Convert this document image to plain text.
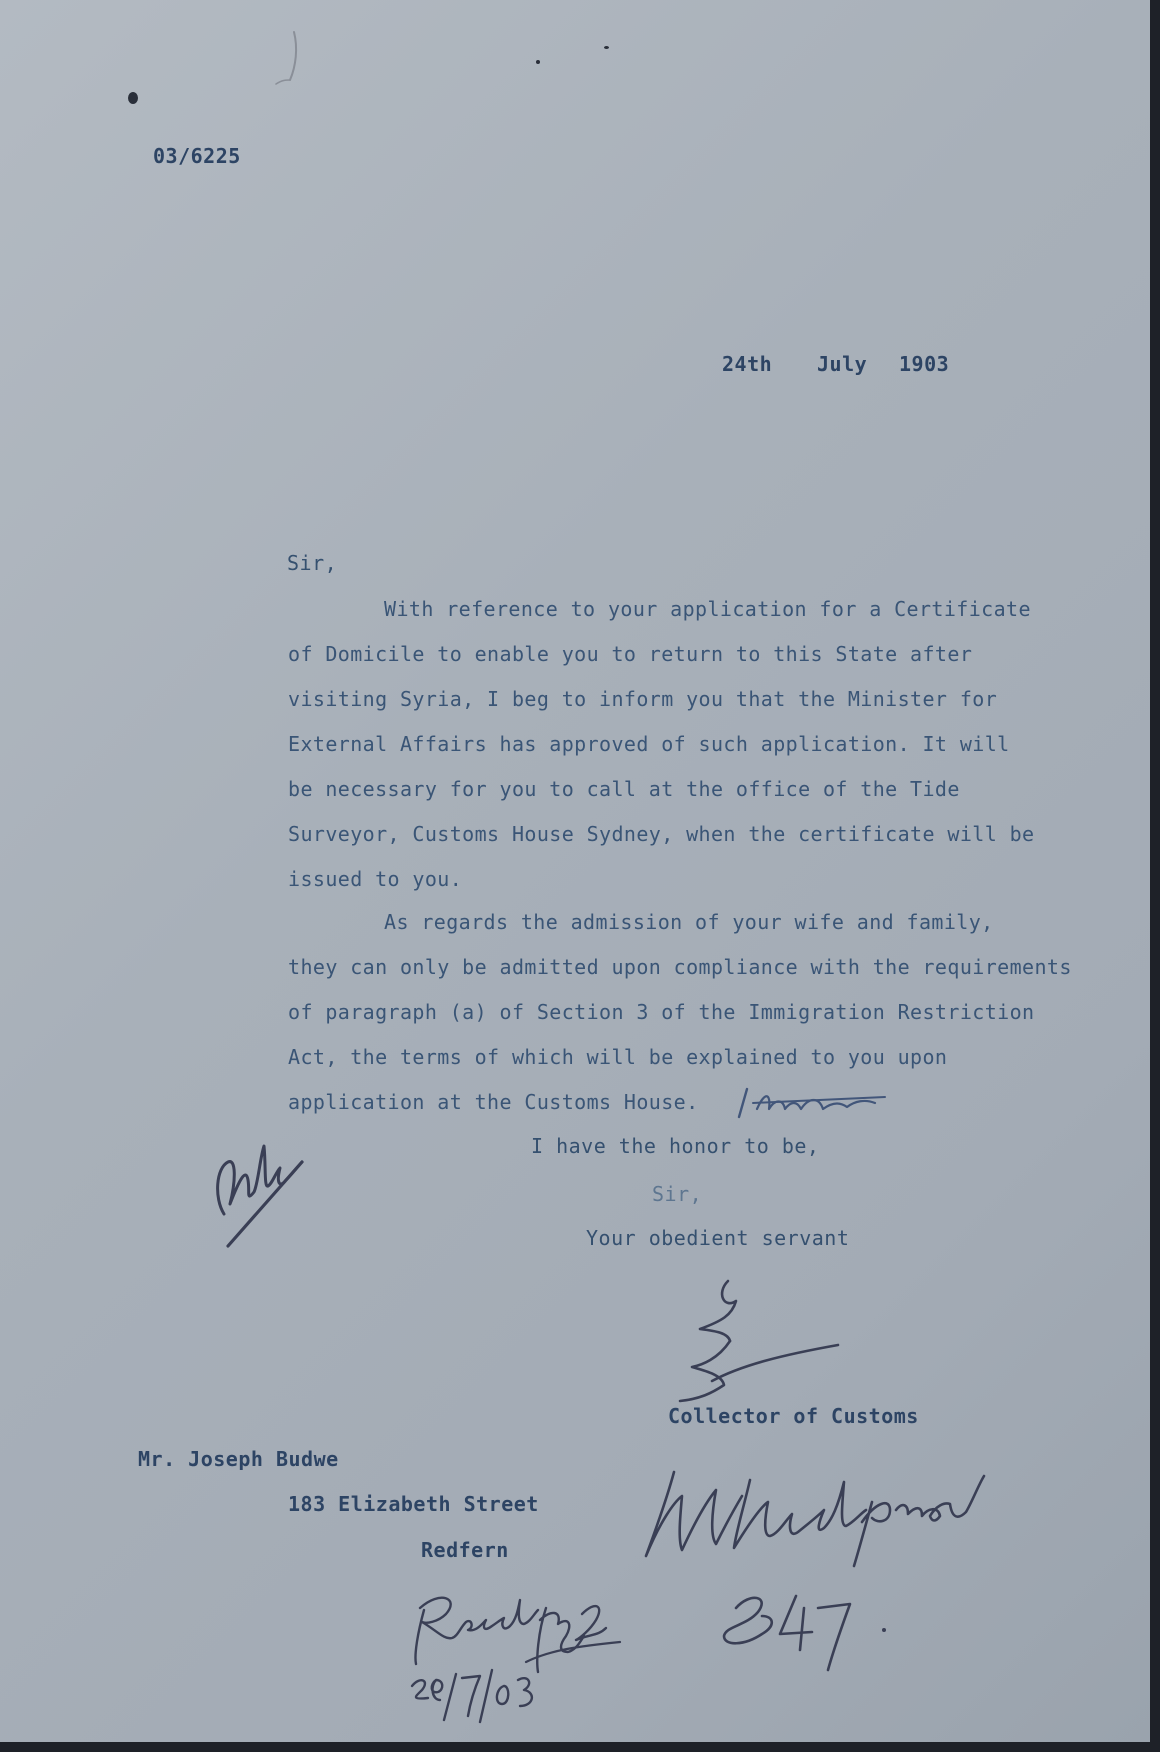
03/6225
24th July 1903
Sir,
With reference to your application for a Certificate
of Domicile to enable you to return to this State after
visiting Syria, I beg to inform you that the Minister for
External Affairs has approved of such application. It will
be necessary for you to call at the office of the Tide
Surveyor, Customs House Sydney, when the certificate will be
issued to you.
As regards the admission of your wife and family,
they can only be admitted upon compliance with the requirements
of paragraph (a) of Section 3 of the Immigration Restriction
Act, the terms of which will be explained to you upon
application at the Customs House.
I have the honor to be,
Sir,
Your obedient servant
Collector of Customs
Mr. Joseph Budwe
183 Elizabeth Street
Redfern
